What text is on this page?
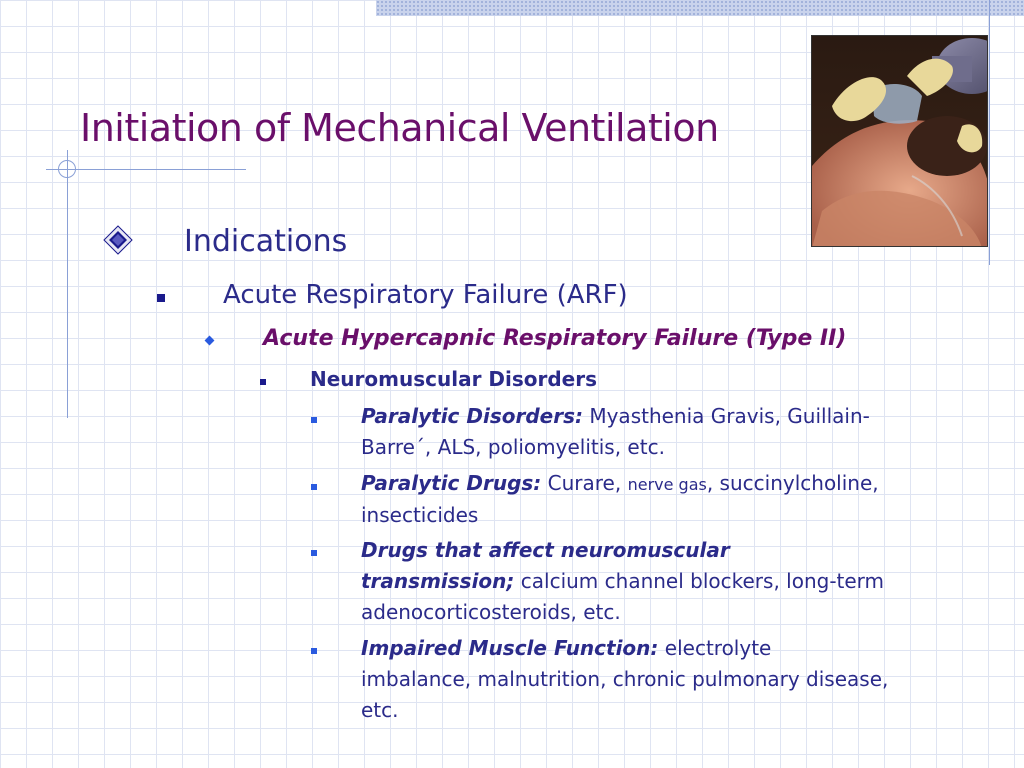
Initiation of Mechanical Ventilation
Indications
Acute Respiratory Failure (ARF)
Acute Hypercapnic Respiratory Failure (Type II)
Neuromuscular Disorders
Paralytic Disorders: Myasthenia Gravis, Guillain-
Barre´, ALS, poliomyelitis, etc.
Paralytic Drugs: Curare, nerve gas, succinylcholine,
insecticides
Drugs that affect neuromuscular
transmission; calcium channel blockers, long-term
adenocorticosteroids, etc.
Impaired Muscle Function: electrolyte
imbalance, malnutrition, chronic pulmonary disease,
etc.
